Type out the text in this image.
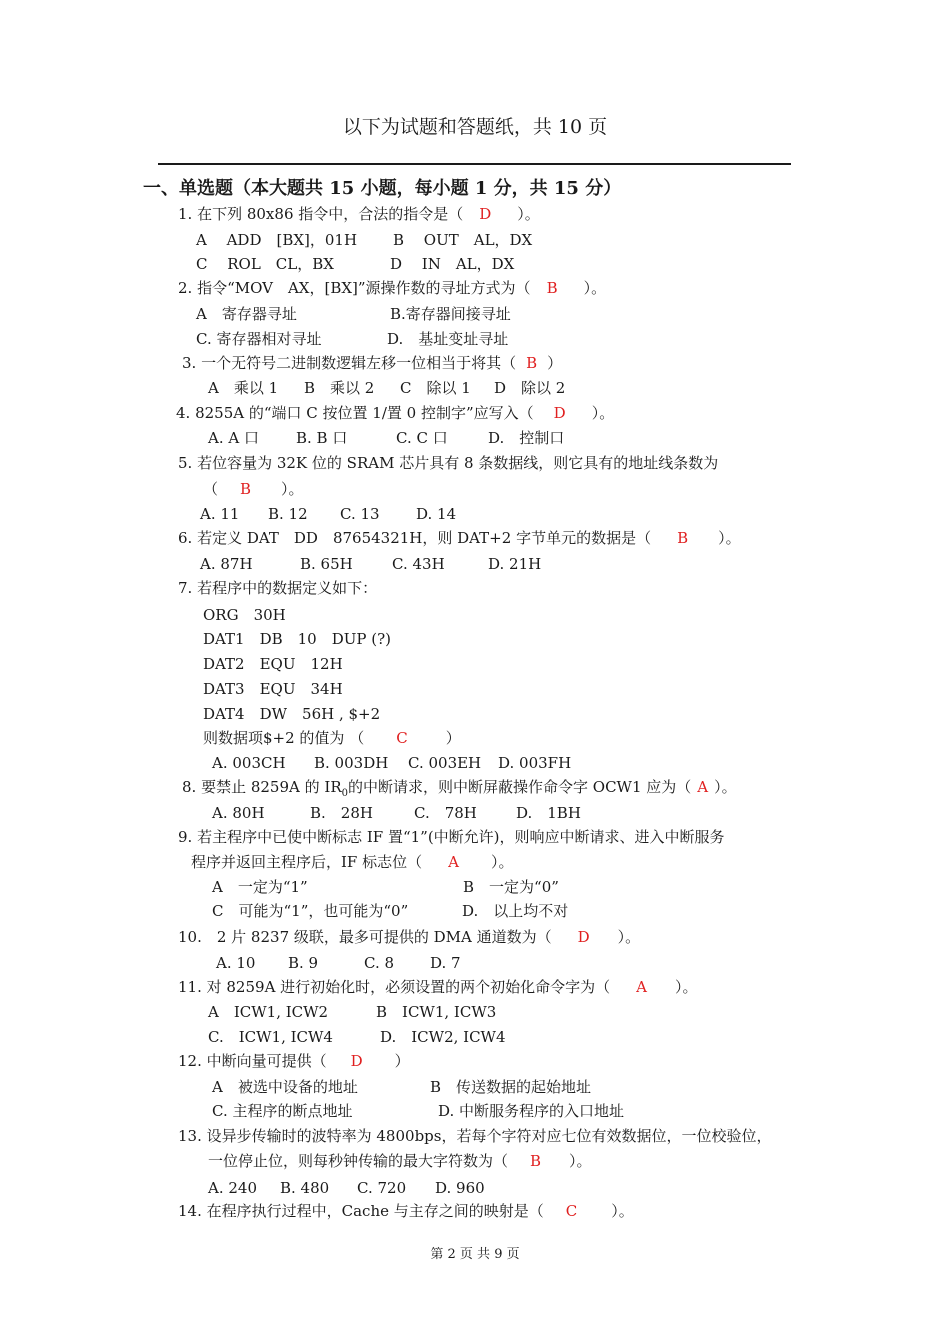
以下为试题和答题纸，共 10 页
一、单选题（本大题共 15 小题，每小题 1 分，共 15 分）
1. 在下列 80x86 指令中，合法的指令是（ D ）。
A　 ADD　[BX]，01H B　 OUT　AL，DX
C　 ROL　CL，BX	D　 IN　AL，DX
2. 指令“MOV　AX，[BX]”源操作数的寻址方式为（ B ）。
A　寄存器寻址	B.寄存器间接寻址
C. 寄存器相对寻址	D.　基址变址寻址
3. 一个无符号二进制数逻辑左移一位相当于将其（ B ）
A　乘以 1 B　乘以 2 C　除以 1 D　除以 2
4. 8255A 的“端口 C 按位置 1/置 0 控制字”应写入（ D ）。
A. A 口 B. B 口	C. C 口	D.　控制口
5. 若位容量为 32K 位的 SRAM 芯片具有 8 条数据线，则它具有的地址线条数为
（ B ）。
A. 11 B. 12 C. 13 D. 14
6. 若定义 DAT　DD　87654321H，则 DAT+2 字节单元的数据是（ B ）。
A. 87H	B. 65H	C. 43H	D. 21H
7. 若程序中的数据定义如下：
ORG　30H
DAT1　DB　10　DUP (?)
DAT2　EQU　12H
DAT3　EQU　34H
DAT4　DW　56H , $+2
则数据项$+2 的值为 （ C	）
A. 003CH B. 003DH C. 003EH D. 003FH
8. 要禁止 8259A 的 $IR_0$的中断请求，则中断屏蔽操作命令字 OCW1 应为（ A ）。
A. 80H	B.　28H	C.　78H	D.　1BH
9. 若主程序中已使中断标志 IF 置“1”(中断允许)，则响应中断请求、进入中断服务
程序并返回主程序后，IF 标志位（ A ）。
A　一定为“1”	B　一定为“0”
C　可能为“1”，也可能为“0”	D.　以上均不对
10.　2 片 8237 级联，最多可提供的 DMA 通道数为（ D ）。
A. 10 B. 9	C. 8 D. 7
11. 对 8259A 进行初始化时，必须设置的两个初始化命令字为（ A ）。
A　ICW1, ICW2	B　ICW1, ICW3
C.　ICW1, ICW4	D.　ICW2, ICW4
12. 中断向量可提供（ D ）
A　被选中设备的地址	B　传送数据的起始地址
C. 主程序的断点地址	D. 中断服务程序的入口地址
13. 设异步传输时的波特率为 4800bps，若每个字符对应七位有效数据位，一位校验位，
一位停止位，则每秒钟传输的最大字符数为（ B ）。
A. 240 B. 480 C. 720 D. 960
14. 在程序执行过程中，Cache 与主存之间的映射是（ C ）。
第 2 页 共 9 页
